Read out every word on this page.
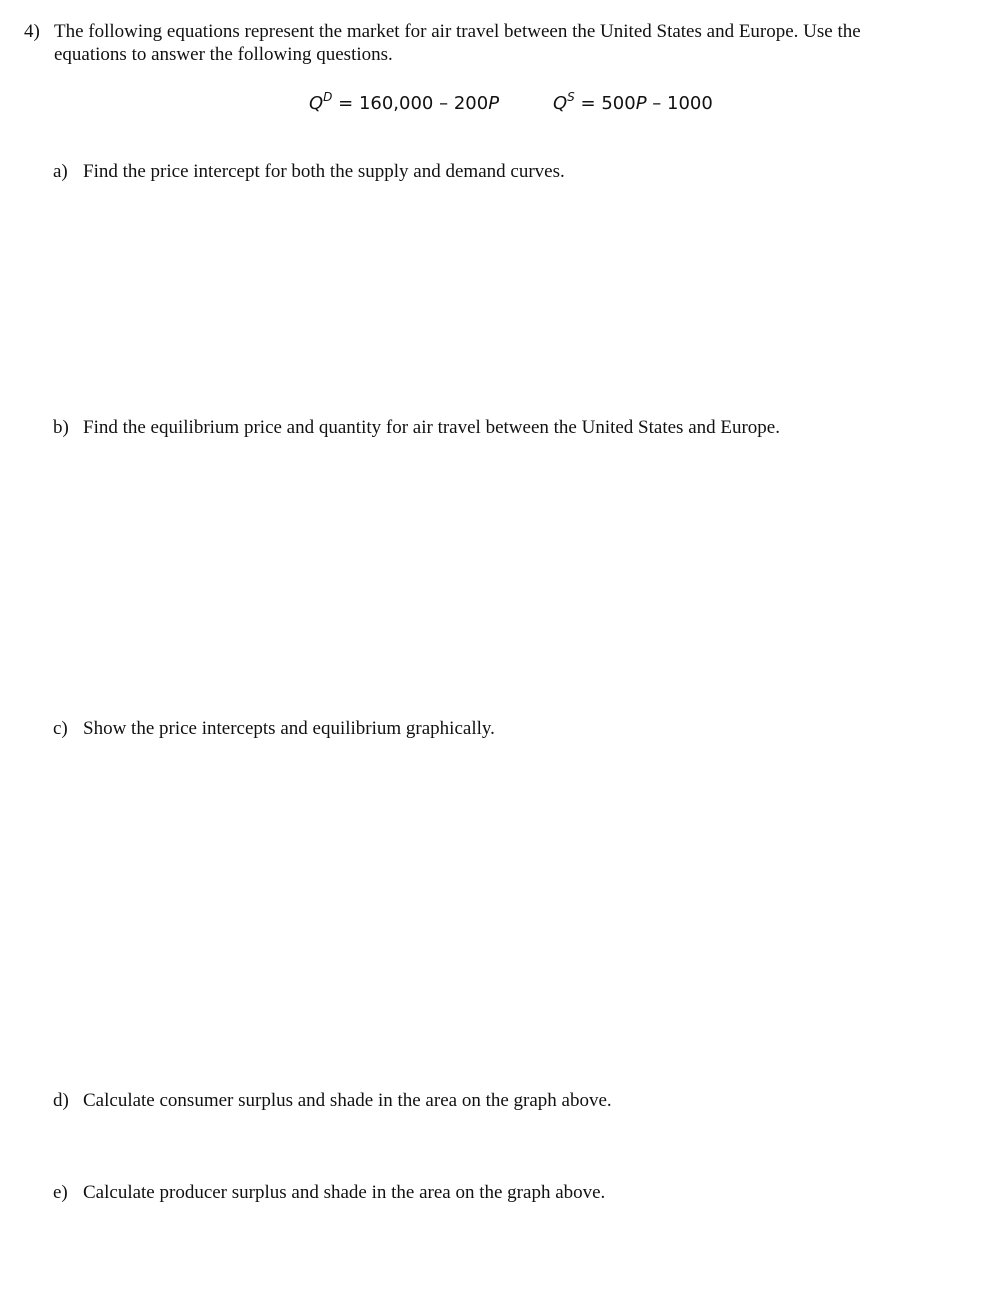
4) The following equations represent the market for air travel between the United States and Europe. Use the equations to answer the following questions.
$Q^D = 160,000 - 200P$	$Q^S = 500P - 1000$
a) Find the price intercept for both the supply and demand curves.
b) Find the equilibrium price and quantity for air travel between the United States and Europe.
c) Show the price intercepts and equilibrium graphically.
d) Calculate consumer surplus and shade in the area on the graph above.
e) Calculate producer surplus and shade in the area on the graph above.
